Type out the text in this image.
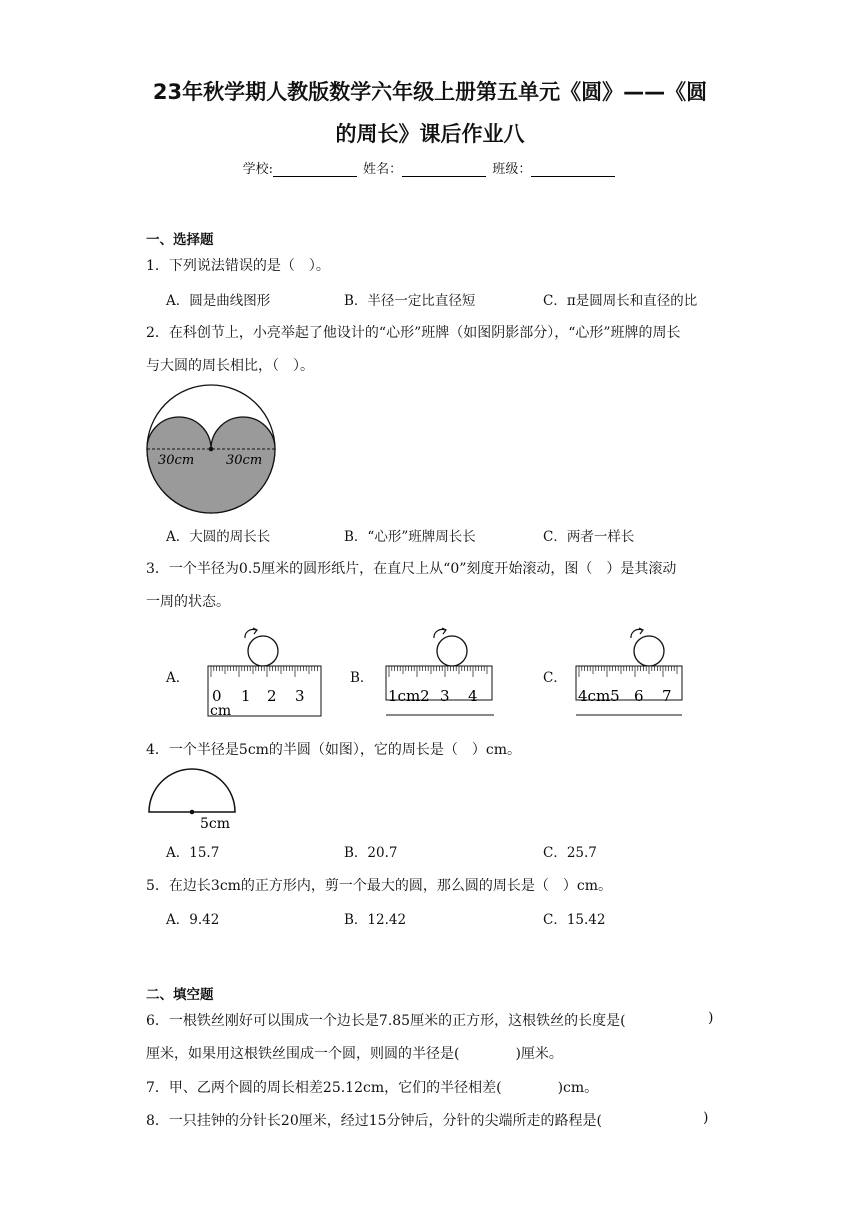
23年秋学期人教版数学六年级上册第五单元《圆》——《圆
的周长》课后作业八
学校:	姓名：	班级：
一、选择题
1．下列说法错误的是（　）。
A．圆是曲线图形	B．半径一定比直径短	C．π是圆周长和直径的比
2．在科创节上，小亮举起了他设计的“心形”班牌（如图阴影部分），“心形”班牌的周长
与大圆的周长相比，（　）。
30cm 30cm
A．大圆的周长长	B．“心形”班牌周长长	C．两者一样长
3．一个半径为0.5厘米的圆形纸片，在直尺上从“0”刻度开始滚动，图（　）是其滚动
一周的状态。
A．
0 1 2 3
cm
B．
1cm2 3 4
C．
4cm5 6 7
4．一个半径是5cm的半圆（如图），它的周长是（　）cm。
5cm
A．15.7	B．20.7	C．25.7
5．在边长3cm的正方形内，剪一个最大的圆，那么圆的周长是（　）cm。
A．9.42	B．12.42	C．15.42
二、填空题
6．一根铁丝刚好可以围成一个边长是7.85厘米的正方形，这根铁丝的长度是(	)
厘米，如果用这根铁丝围成一个圆，则圆的半径是(　　　　)厘米。
7．甲、乙两个圆的周长相差25.12cm，它们的半径相差(　　　　)cm。
8．一只挂钟的分针长20厘米，经过15分钟后，分针的尖端所走的路程是(	)
